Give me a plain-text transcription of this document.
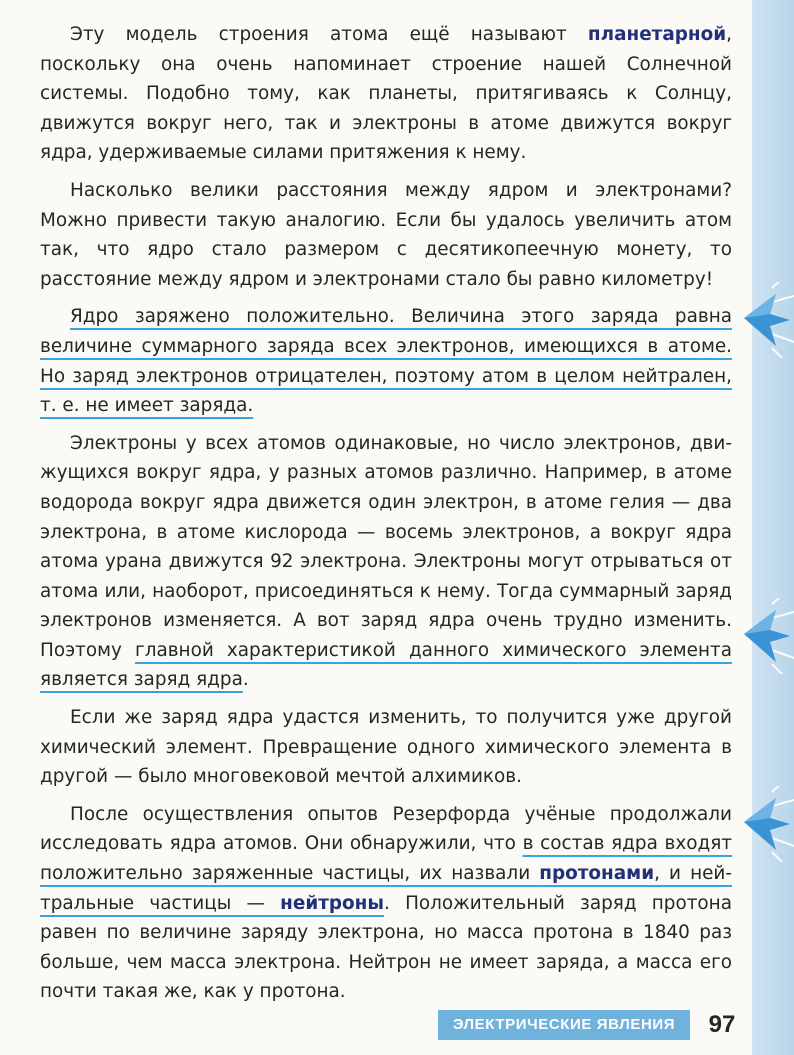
Эту модель строения атома ещё называют планетарной, поскольку она очень напоминает строение нашей Солнечной системы. Подобно тому, как планеты, притягиваясь к Солнцу, движутся вокруг него, так и электроны в атоме движутся вокруг ядра, удерживаемые силами притяжения к нему.

Насколько велики расстояния между ядром и электронами? Можно привести такую аналогию. Если бы удалось увеличить атом так, что ядро стало размером с десятикопеечную монету, то расстояние между ядром и электронами стало бы равно километру!

Ядро заряжено положительно. Величина этого заряда равна величине суммарного заряда всех электронов, имеющихся в атоме. Но заряд электронов отрицателен, поэтому атом в целом нейтрален, т. е. не имеет заряда.

Электроны у всех атомов одинаковые, но число электронов, движущихся вокруг ядра, у разных атомов различно. Например, в атоме водорода вокруг ядра движется один электрон, в атоме гелия — два электрона, в атоме кислорода — восемь электронов, а вокруг ядра атома урана движутся 92 электрона. Электроны могут отрываться от атома или, наоборот, присоединяться к нему. Тогда суммарный заряд электронов изменяется. А вот заряд ядра очень трудно изменить. Поэтому главной характеристикой данного химического элемента является заряд ядра.

Если же заряд ядра удастся изменить, то получится уже другой химический элемент. Превращение одного химического элемента в другой — было многовековой мечтой алхимиков.

После осуществления опытов Резерфорда учёные продолжали исследовать ядра атомов. Они обнаружили, что в состав ядра входят положительно заряженные частицы, их назвали протонами, и нейтральные частицы — нейтроны. Положительный заряд протона равен по величине заряду электрона, но масса протона в 1840 раз больше, чем масса электрона. Нейтрон не имеет заряда, а масса его почти такая же, как у протона.

ЭЛЕКТРИЧЕСКИЕ ЯВЛЕНИЯ	97
